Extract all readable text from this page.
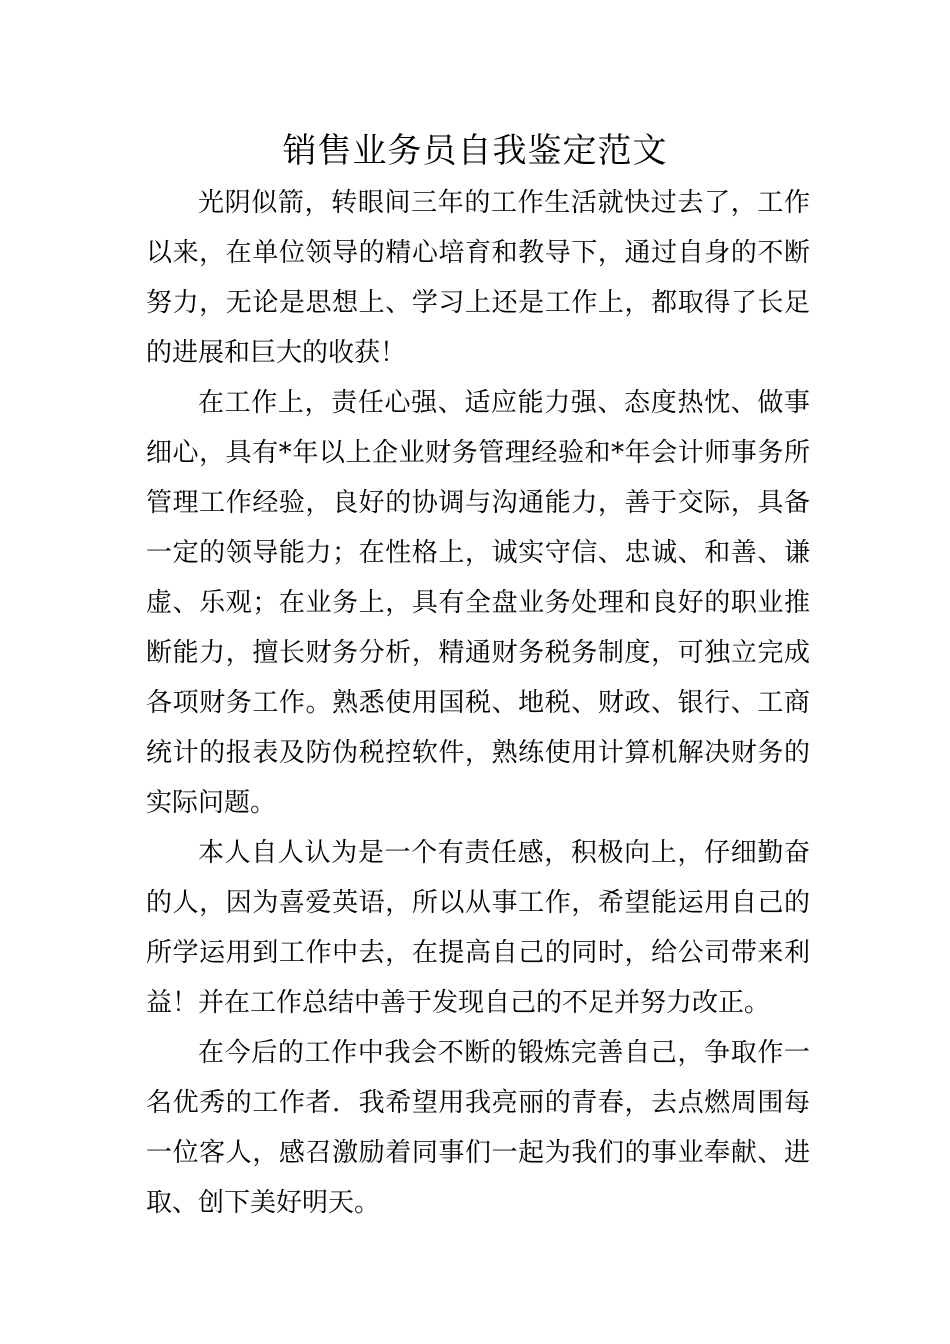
销售业务员自我鉴定范文

光阴似箭，转眼间三年的工作生活就快过去了，工作以来，在单位领导的精心培育和教导下，通过自身的不断努力，无论是思想上、学习上还是工作上，都取得了长足的进展和巨大的收获！

在工作上，责任心强、适应能力强、态度热忱、做事细心，具有*年以上企业财务管理经验和*年会计师事务所管理工作经验，良好的协调与沟通能力，善于交际，具备一定的领导能力；在性格上，诚实守信、忠诚、和善、谦虚、乐观；在业务上，具有全盘业务处理和良好的职业推断能力，擅长财务分析，精通财务税务制度，可独立完成各项财务工作。熟悉使用国税、地税、财政、银行、工商统计的报表及防伪税控软件，熟练使用计算机解决财务的实际问题。

本人自人认为是一个有责任感，积极向上，仔细勤奋的人，因为喜爱英语，所以从事工作，希望能运用自己的所学运用到工作中去，在提高自己的同时，给公司带来利益！并在工作总结中善于发现自己的不足并努力改正。

在今后的工作中我会不断的锻炼完善自己，争取作一名优秀的工作者．我希望用我亮丽的青春，去点燃周围每一位客人，感召激励着同事们一起为我们的事业奉献、进取、创下美好明天。
